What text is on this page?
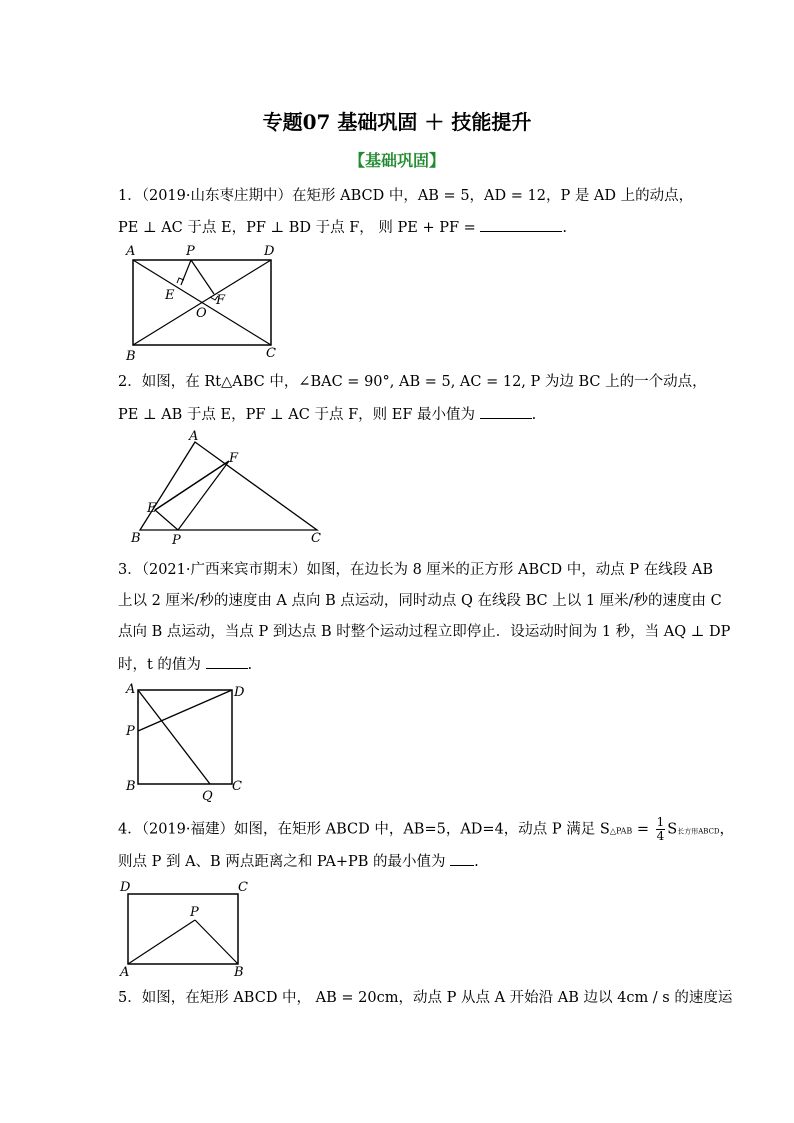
专题07 基础巩固 ＋ 技能提升
【基础巩固】
1．（2019·山东枣庄期中）在矩形 ABCD 中，AB = 5，AD = 12，P 是 AD 上的动点，
PE ⊥ AC 于点 E，PF ⊥ BD 于点 F， 则 PE + PF =	.
A	P	D
E	F
O
B	C
2．如图，在 Rt△ABC 中，∠BAC = 90°, AB = 5, AC = 12, P 为边 BC 上的一个动点，
PE ⊥ AB 于点 E，PF ⊥ AC 于点 F，则 EF 最小值为	.
A
F
E
B P	C
3．（2021·广西来宾市期末）如图，在边长为 8 厘米的正方形 ABCD 中，动点 P 在线段 AB
上以 2 厘米/秒的速度由 A 点向 B 点运动，同时动点 Q 在线段 BC 上以 1 厘米/秒的速度由 C
点向 B 点运动，当点 P 到达点 B 时整个运动过程立即停止．设运动时间为 1 秒，当 AQ ⊥ DP
时，t 的值为	.
A	D
P
B
Q
C
4．（2019·福建）如图，在矩形 ABCD 中，AB=5，AD=4，动点 P 满足 S△PAB = $\frac{1}{4}$ S长方形ABCD，
则点 P 到 A、B 两点距离之和 PA+PB 的最小值为 .
D	C
P
A	B
5．如图，在矩形 ABCD 中， AB = 20cm，动点 P 从点 A 开始沿 AB 边以 4cm / s 的速度运
